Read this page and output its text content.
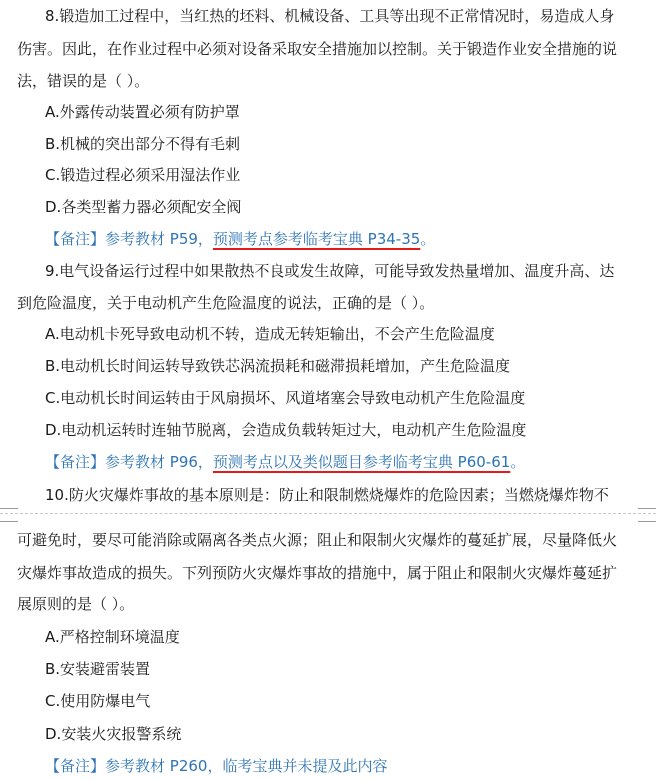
8.锻造加工过程中，当红热的坯料、机械设备、工具等出现不正常情况时，易造成人身
伤害。因此，在作业过程中必须对设备采取安全措施加以控制。关于锻造作业安全措施的说
法，错误的是（ ）。
A.外露传动装置必须有防护罩
B.机械的突出部分不得有毛刺
C.锻造过程必须采用湿法作业
D.各类型蓄力器必须配安全阀
【备注】参考教材 P59，预测考点参考临考宝典 P34-35。
9.电气设备运行过程中如果散热不良或发生故障，可能导致发热量增加、温度升高、达
到危险温度，关于电动机产生危险温度的说法，正确的是（ ）。
A.电动机卡死导致电动机不转，造成无转矩输出，不会产生危险温度
B.电动机长时间运转导致铁芯涡流损耗和磁滞损耗增加，产生危险温度
C.电动机长时间运转由于风扇损坏、风道堵塞会导致电动机产生危险温度
D.电动机运转时连轴节脱离，会造成负载转矩过大，电动机产生危险温度
【备注】参考教材 P96，预测考点以及类似题目参考临考宝典 P60-61。
10.防火灾爆炸事故的基本原则是：防止和限制燃烧爆炸的危险因素；当燃烧爆炸物不
可避免时，要尽可能消除或隔离各类点火源；阻止和限制火灾爆炸的蔓延扩展，尽量降低火
灾爆炸事故造成的损失。下列预防火灾爆炸事故的措施中，属于阻止和限制火灾爆炸蔓延扩
展原则的是（ ）。
A.严格控制环境温度
B.安装避雷装置
C.使用防爆电气
D.安装火灾报警系统
【备注】参考教材 P260，临考宝典并未提及此内容
